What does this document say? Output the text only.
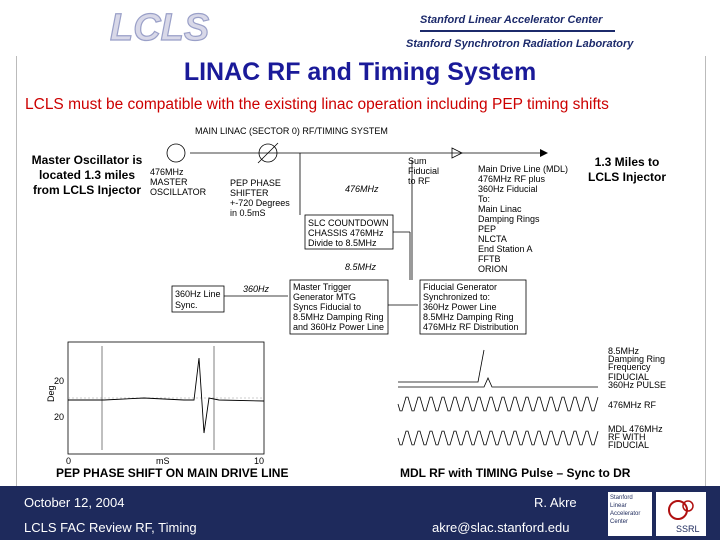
LCLS	Stanford Linear Accelerator Center
Stanford Synchrotron Radiation Laboratory
LINAC RF and Timing System
LCLS must be compatible with the existing linac operation including PEP timing shifts
MAIN LINAC (SECTOR 0) RF/TIMING SYSTEM
476MHz
MASTER
OSCILLATOR
PEP PHASE
SHIFTER
+-720 Degrees
in 0.5mS
476MHz
Sum
Fiducial
to RF
Main Drive Line (MDL)
476MHz RF plus
360Hz Fiducial
To:
Main Linac
Damping Rings
PEP
NLCTA
End Station A
FFTB
ORION
SLC COUNTDOWN
CHASSIS 476MHz
Divide to 8.5MHz
8.5MHz
360Hz Line
Sync.
360Hz	Master Trigger
Generator MTG
Syncs Fiducial to
8.5MHz Damping Ring
and 360Hz Power Line
Fiducial Generator
Synchronized to:
360Hz Power Line
8.5MHz Damping Ring
476MHz RF Distribution
Master Oscillator is
located 1.3 miles
from LCLS Injector
1.3 Miles to
LCLS Injector
Deg
20
20
0	mS	10
PEP PHASE SHIFT ON MAIN DRIVE LINE
8.5MHz
Damping Ring
Frequency
FIDUCIAL
360Hz PULSE
476MHz RF
MDL 476MHz
RF WITH
FIDUCIAL
MDL RF with TIMING Pulse – Sync to DR
October 12, 2004
LCLS FAC Review RF, Timing
R. Akre
akre@slac.stanford.edu
Stanford
Linear
Accelerator
Center
SSRL
